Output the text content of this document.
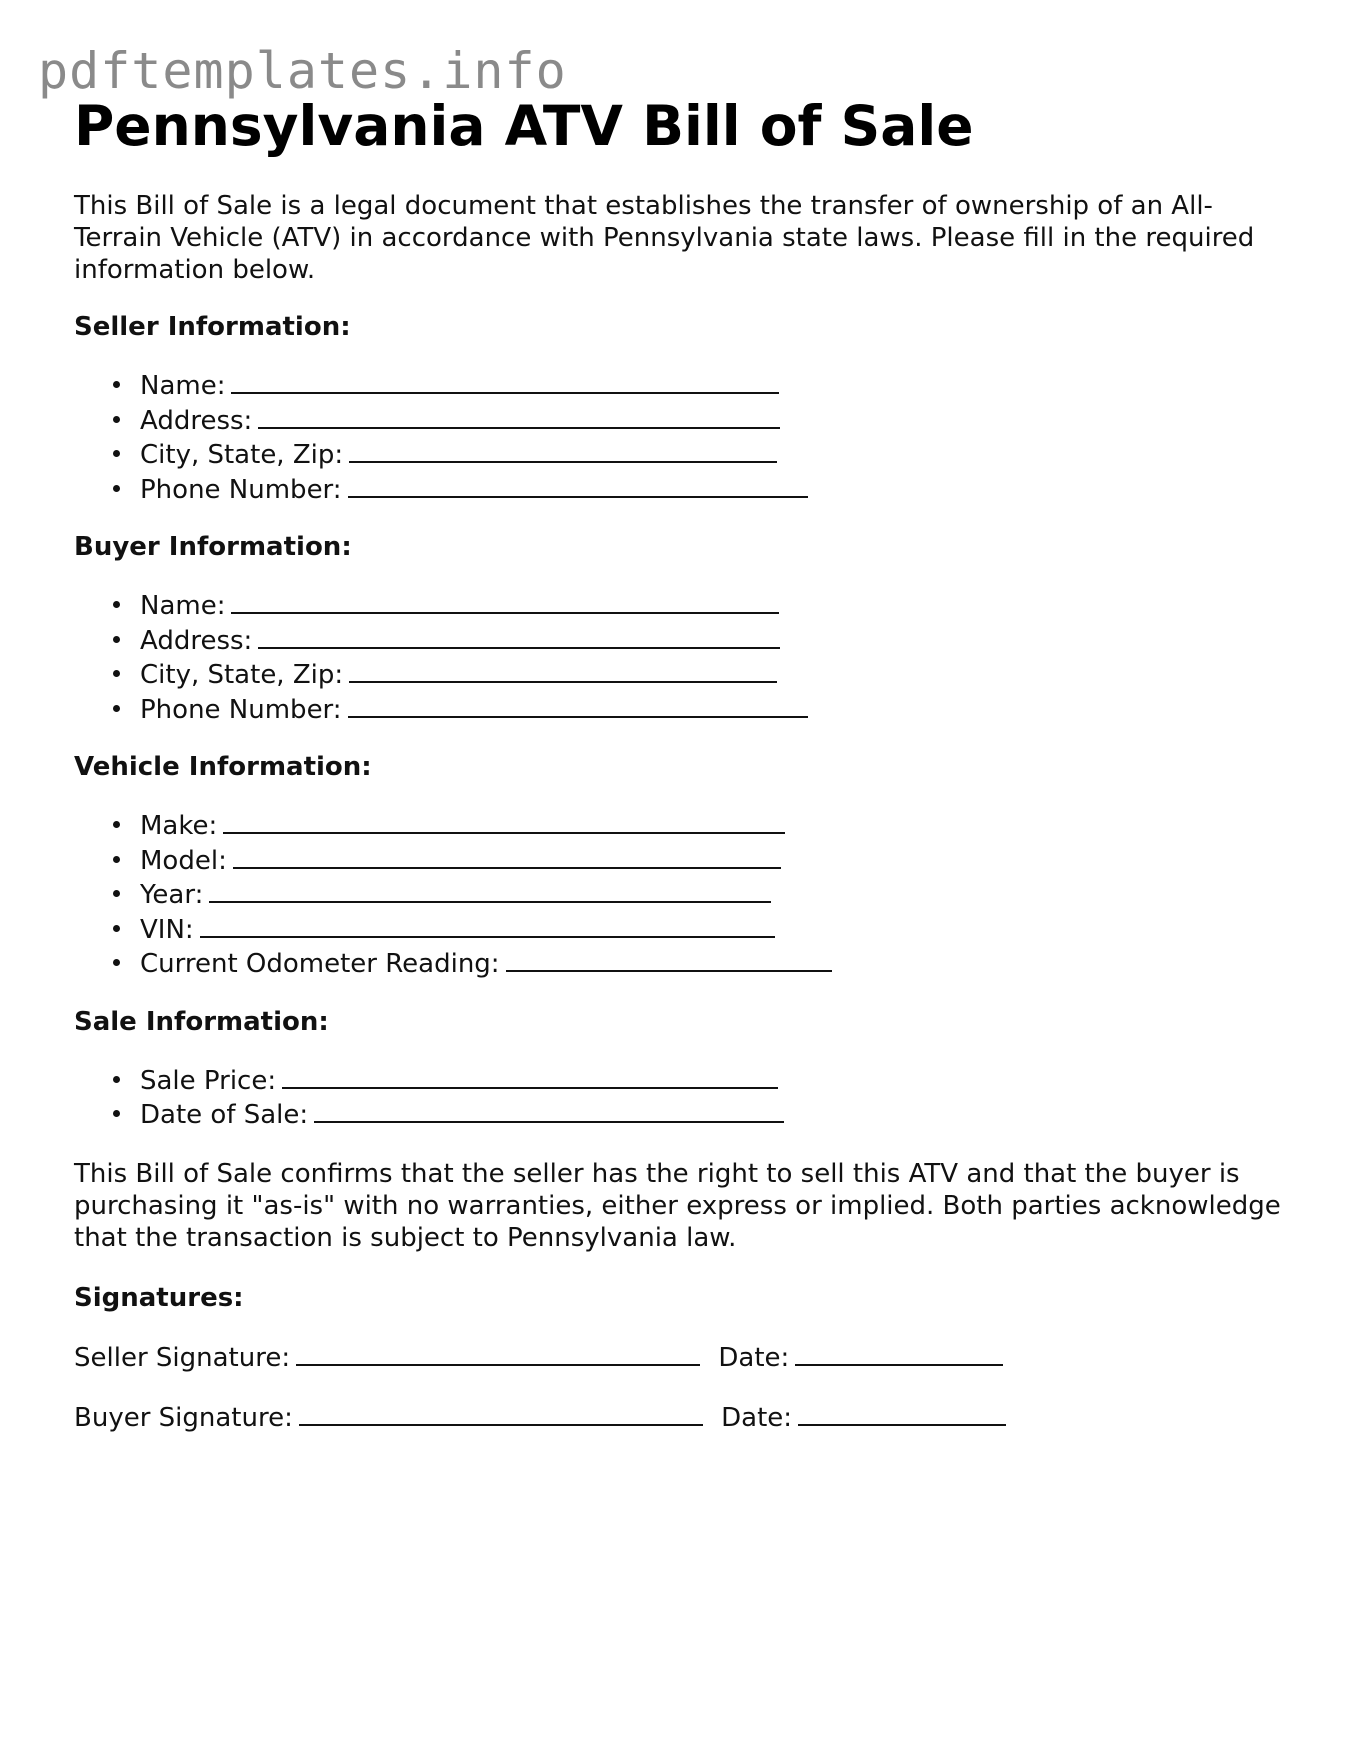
pdftemplates.info
Pennsylvania ATV Bill of Sale

This Bill of Sale is a legal document that establishes the transfer of ownership of an All-Terrain Vehicle (ATV) in accordance with Pennsylvania state laws. Please fill in the required information below.

Seller Information:
Name:
Address:
City, State, Zip:
Phone Number:
Buyer Information:
Name:
Address:
City, State, Zip:
Phone Number:
Vehicle Information:
Make:
Model:
Year:
VIN:
Current Odometer Reading:
Sale Information:
Sale Price:
Date of Sale:

This Bill of Sale confirms that the seller has the right to sell this ATV and that the buyer is purchasing it "as-is" with no warranties, either express or implied. Both parties acknowledge that the transaction is subject to Pennsylvania law.

Signatures:
Seller Signature:	Date:
Buyer Signature:	Date:
